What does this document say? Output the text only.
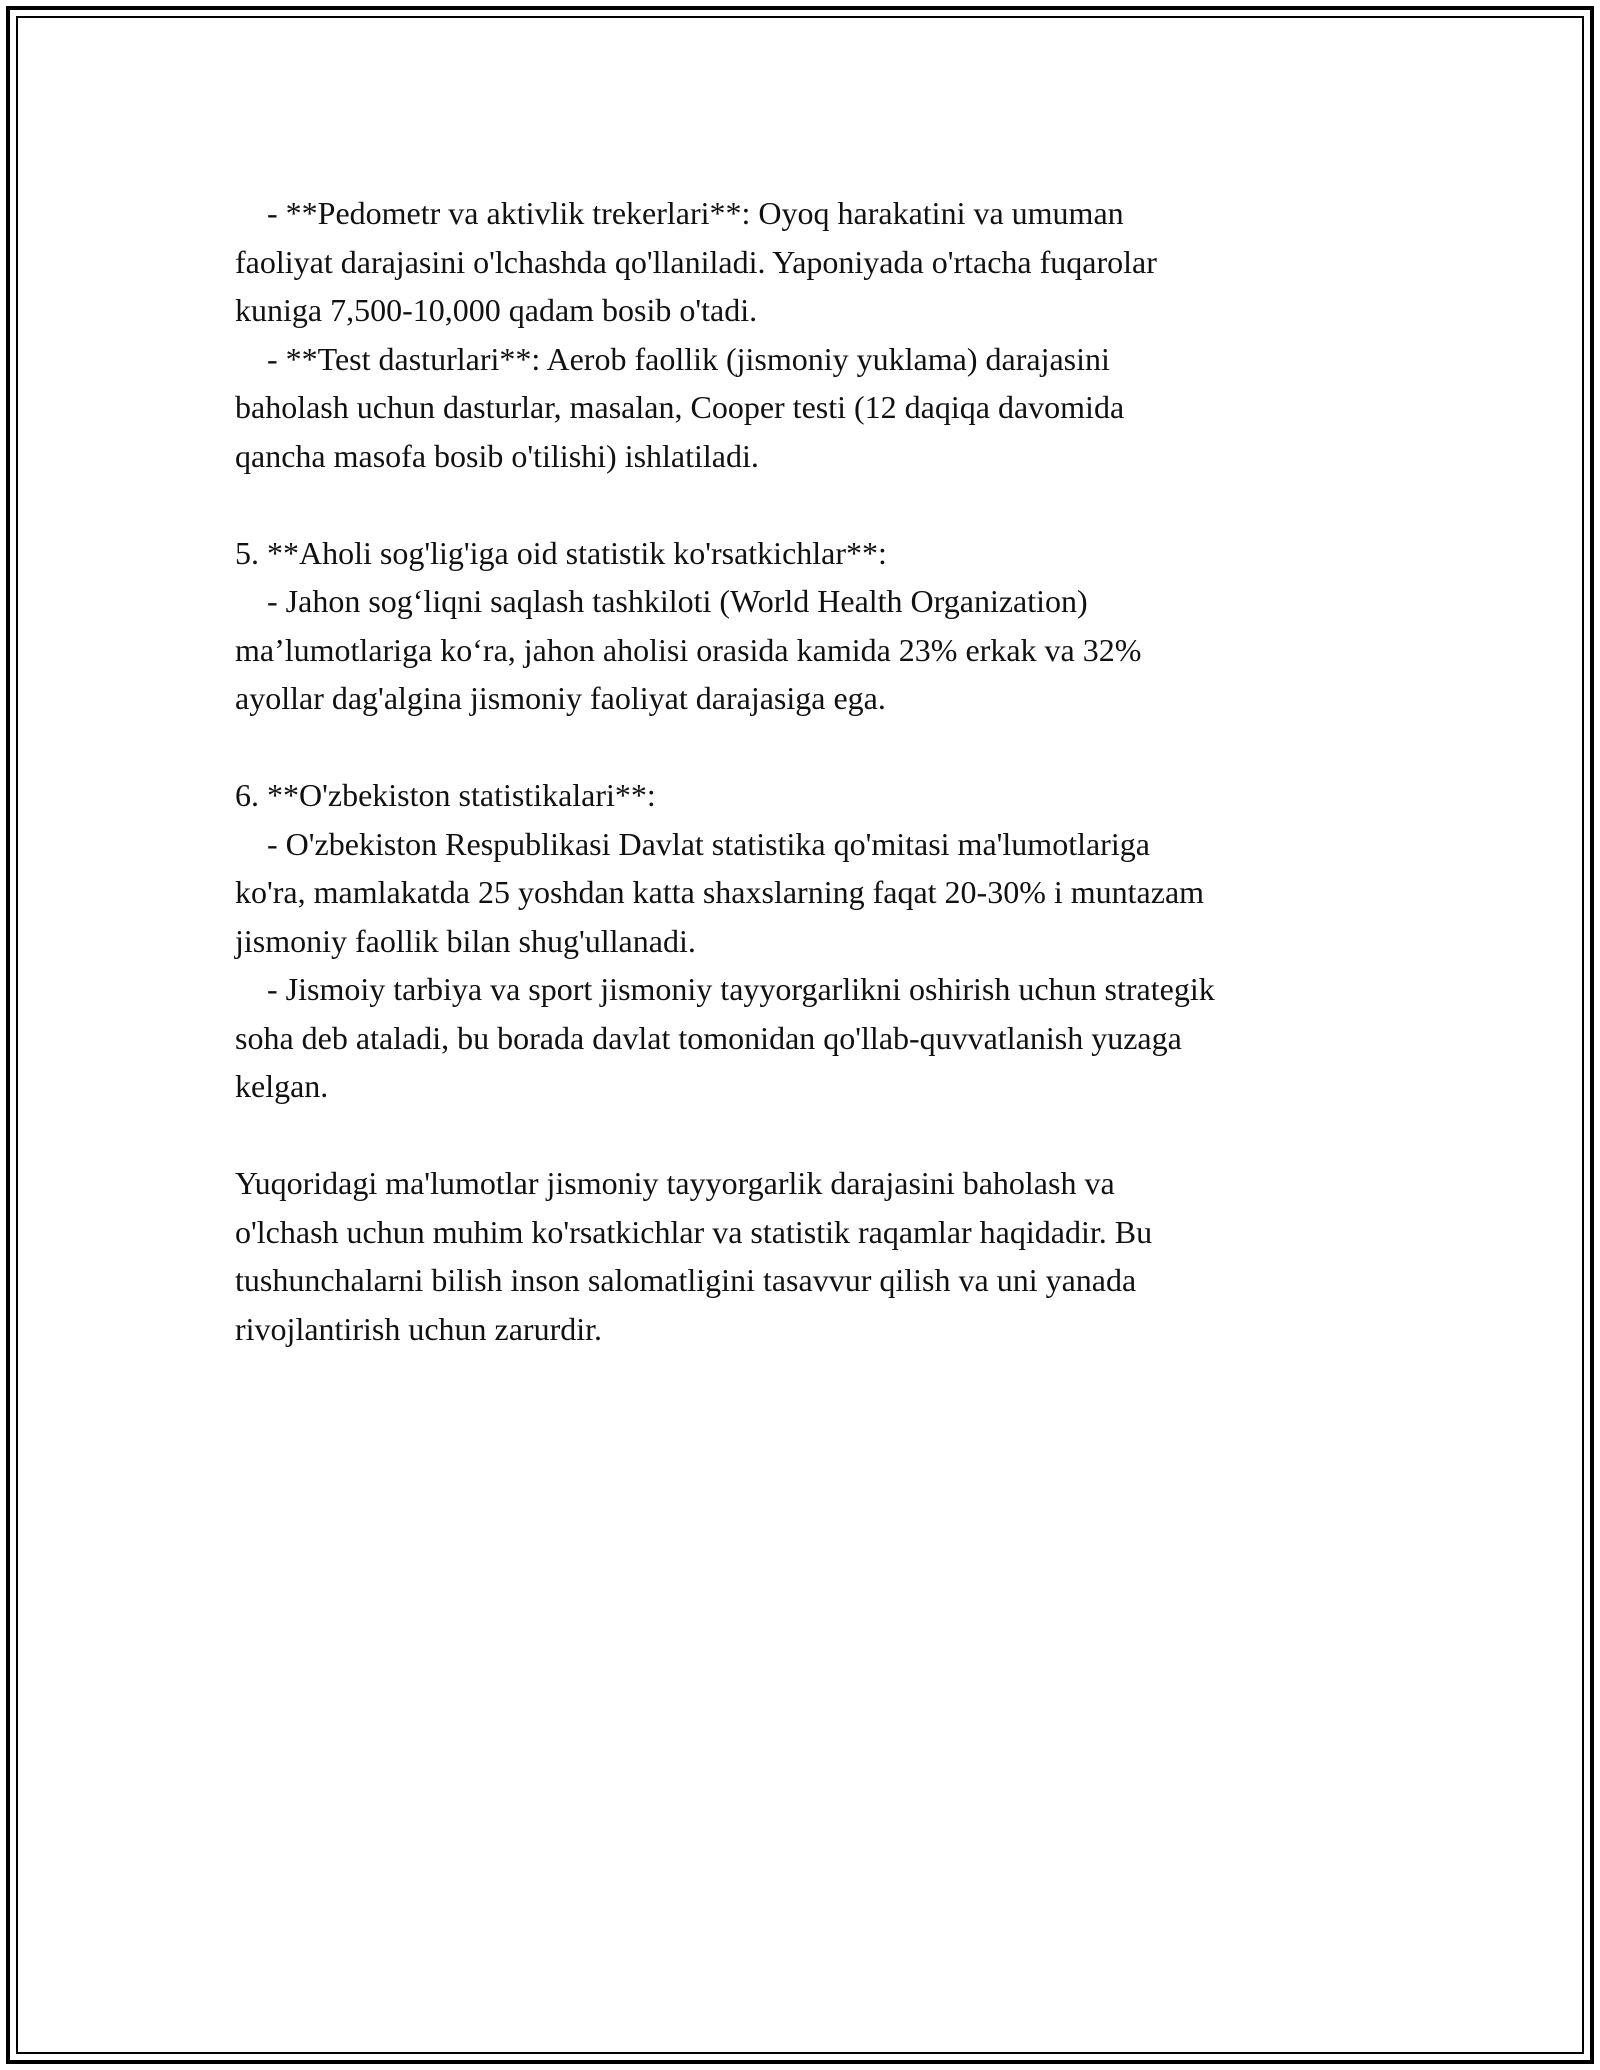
- **Pedometr va aktivlik trekerlari**: Oyoq harakatini va umuman
faoliyat darajasini o'lchashda qo'llaniladi. Yaponiyada o'rtacha fuqarolar
kuniga 7,500-10,000 qadam bosib o'tadi.
- **Test dasturlari**: Aerob faollik (jismoniy yuklama) darajasini
baholash uchun dasturlar, masalan, Cooper testi (12 daqiqa davomida
qancha masofa bosib o'tilishi) ishlatiladi.
5. **Aholi sog'lig'iga oid statistik ko'rsatkichlar**:
- Jahon sog‘liqni saqlash tashkiloti (World Health Organization)
ma’lumotlariga ko‘ra, jahon aholisi orasida kamida 23% erkak va 32%
ayollar dag'algina jismoniy faoliyat darajasiga ega.
6. **O'zbekiston statistikalari**:
- O'zbekiston Respublikasi Davlat statistika qo'mitasi ma'lumotlariga
ko'ra, mamlakatda 25 yoshdan katta shaxslarning faqat 20-30% i muntazam
jismoniy faollik bilan shug'ullanadi.
- Jismoiy tarbiya va sport jismoniy tayyorgarlikni oshirish uchun strategik
soha deb ataladi, bu borada davlat tomonidan qo'llab-quvvatlanish yuzaga
kelgan.
Yuqoridagi ma'lumotlar jismoniy tayyorgarlik darajasini baholash va
o'lchash uchun muhim ko'rsatkichlar va statistik raqamlar haqidadir. Bu
tushunchalarni bilish inson salomatligini tasavvur qilish va uni yanada
rivojlantirish uchun zarurdir.
